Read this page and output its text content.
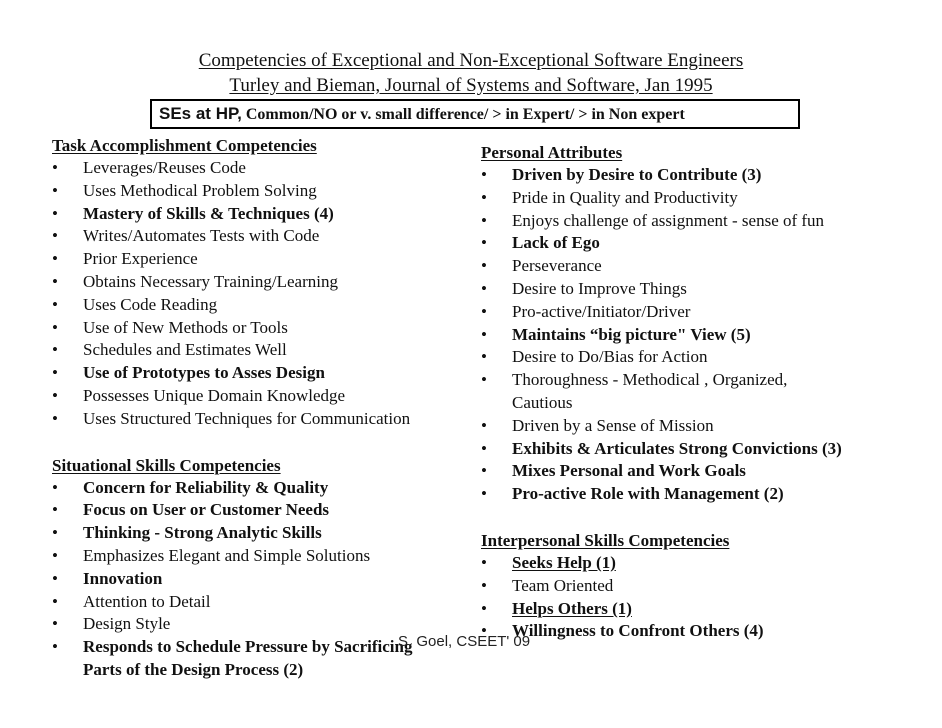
Competencies of Exceptional and Non-Exceptional Software Engineers
Turley and Bieman, Journal of Systems and Software, Jan 1995
SEs at HP, Common/NO or v. small difference/ > in Expert/ > in Non expert
Task Accomplishment Competencies
• Leverages/Reuses Code
• Uses Methodical Problem Solving
• Mastery of Skills & Techniques (4)
• Writes/Automates Tests with Code
• Prior Experience
• Obtains Necessary Training/Learning
• Uses Code Reading
• Use of New Methods or Tools
• Schedules and Estimates Well
• Use of Prototypes to Asses Design
• Possesses Unique Domain Knowledge
• Uses Structured Techniques for Communication
Situational Skills Competencies
• Concern for Reliability & Quality
• Focus on User or Customer Needs
• Thinking - Strong Analytic Skills
• Emphasizes Elegant and Simple Solutions
• Innovation
• Attention to Detail
• Design Style
• Responds to Schedule Pressure by Sacrificing
Parts of the Design Process (2)
Personal Attributes
• Driven by Desire to Contribute (3)
• Pride in Quality and Productivity
• Enjoys challenge of assignment - sense of fun
• Lack of Ego
• Perseverance
• Desire to Improve Things
• Pro-active/Initiator/Driver
• Maintains “big picture" View (5)
• Desire to Do/Bias for Action
• Thoroughness - Methodical , Organized,
Cautious
• Driven by a Sense of Mission
• Exhibits & Articulates Strong Convictions (3)
• Mixes Personal and Work Goals
• Pro-active Role with Management (2)
Interpersonal Skills Competencies
• Seeks Help (1)
• Team Oriented
• Helps Others (1)
• Willingness to Confront Others (4)
S. Goel, CSEET' 09
